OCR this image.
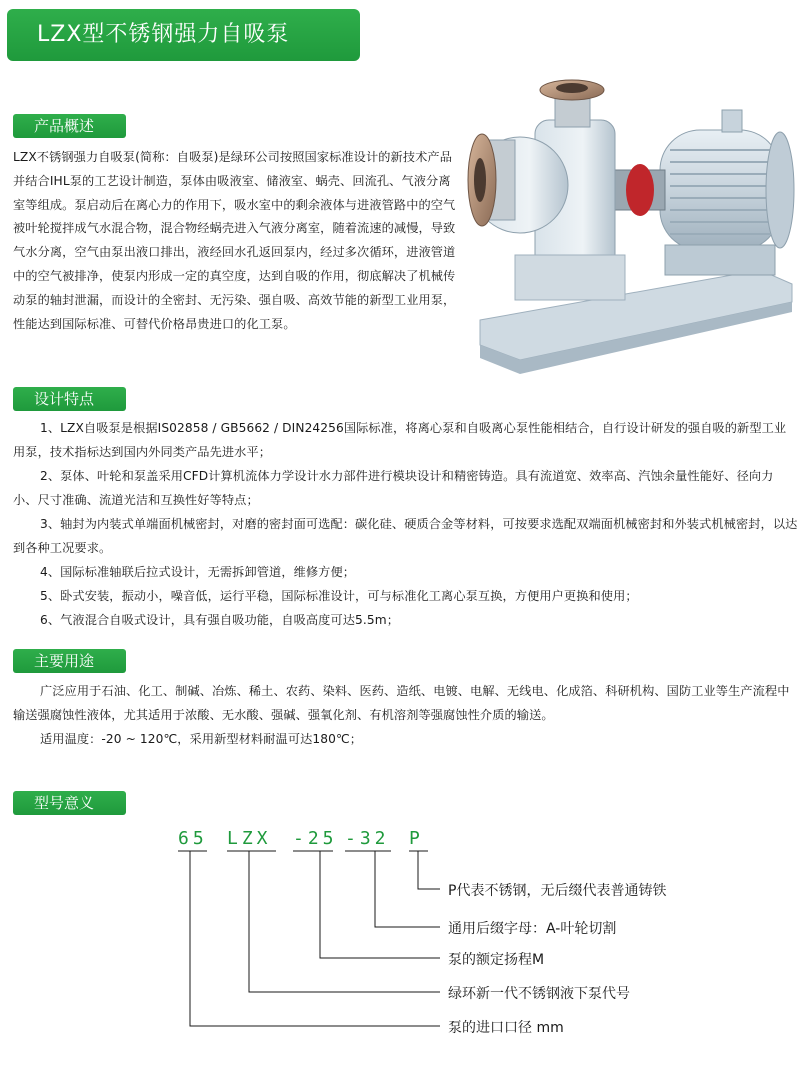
LZX型不锈钢强力自吸泵
产品概述
LZX不锈钢强力自吸泵(简称：自吸泵)是绿环公司按照国家标准设计的新技术产品并结合IHL泵的工艺设计制造，泵体由吸液室、储液室、蜗壳、回流孔、气液分离室等组成。泵启动后在离心力的作用下，吸水室中的剩余液体与进液管路中的空气被叶轮搅拌成气水混合物，混合物经蜗壳进入气液分离室，随着流速的减慢，导致气水分离，空气由泵出液口排出，液经回水孔返回泵内，经过多次循环，进液管道中的空气被排净，使泵内形成一定的真空度，达到自吸的作用，彻底解决了机械传动泵的轴封泄漏，而设计的全密封、无污染、强自吸、高效节能的新型工业用泵，性能达到国际标准、可替代价格昂贵进口的化工泵。
设计特点

1、LZX自吸泵是根据IS02858 / GB5662 / DIN24256国际标准，将离心泵和自吸离心泵性能相结合，自行设计研发的强自吸的新型工业用泵，技术指标达到国内外同类产品先进水平；

2、泵体、叶轮和泵盖采用CFD计算机流体力学设计水力部件进行模块设计和精密铸造。具有流道宽、效率高、汽蚀余量性能好、径向力小、尺寸准确、流道光洁和互换性好等特点；

3、轴封为内装式单端面机械密封，对磨的密封面可选配：碳化硅、硬质合金等材料，可按要求选配双端面机械密封和外装式机械密封，以达到各种工况要求。

4、国际标准轴联后拉式设计，无需拆卸管道，维修方便；

5、卧式安装，振动小，噪音低，运行平稳，国际标准设计，可与标准化工离心泵互换，方便用户更换和使用；

6、气液混合自吸式设计，具有强自吸功能，自吸高度可达5.5m；

主要用途

广泛应用于石油、化工、制碱、冶炼、稀土、农药、染料、医药、造纸、电镀、电解、无线电、化成箔、科研机构、国防工业等生产流程中输送强腐蚀性液体，尤其适用于浓酸、无水酸、强碱、强氧化剂、有机溶剂等强腐蚀性介质的输送。

适用温度：-20 ~ 120℃，采用新型材料耐温可达180℃；

型号意义
65 LZX -25 -32 P
P代表不锈钢，无后缀代表普通铸铁
通用后缀字母：A-叶轮切割
泵的额定扬程M
绿环新一代不锈钢液下泵代号
泵的进口口径 mm
